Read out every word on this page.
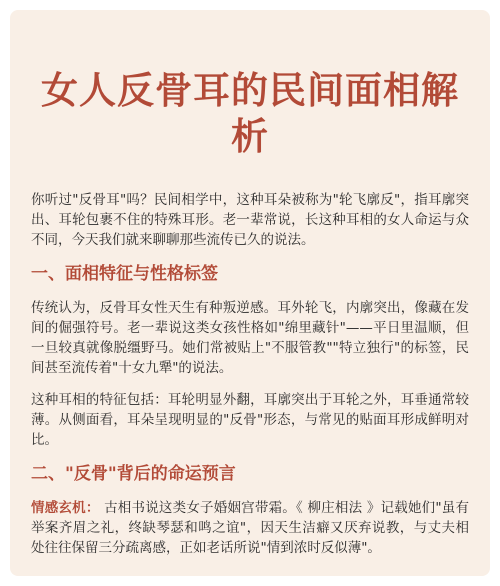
女人反骨耳的民间面相解析

你听过"反骨耳"吗？民间相学中，这种耳朵被称为"轮飞廓反"，指耳廓突出、耳轮包裹不住的特殊耳形。老一辈常说，长这种耳相的女人命运与众不同，今天我们就来聊聊那些流传已久的说法。

一、面相特征与性格标签

传统认为，反骨耳女性天生有种叛逆感。耳外轮飞，内廓突出，像藏在发间的倔强符号。老一辈说这类女孩性格如"绵里藏针"——平日里温顺，但一旦较真就像脱缰野马。她们常被贴上"不服管教""特立独行"的标签，民间甚至流传着"十女九犟"的说法。

这种耳相的特征包括：耳轮明显外翻，耳廓突出于耳轮之外，耳垂通常较薄。从侧面看，耳朵呈现明显的"反骨"形态，与常见的贴面耳形成鲜明对比。

二、"反骨"背后的命运预言

情感玄机： 古相书说这类女子婚姻宫带霜。《 柳庄相法 》记载她们"虽有举案齐眉之礼，终缺琴瑟和鸣之谊"，因天生洁癖又厌弃说教，与丈夫相处往往保留三分疏离感，正如老话所说"情到浓时反似薄"。
